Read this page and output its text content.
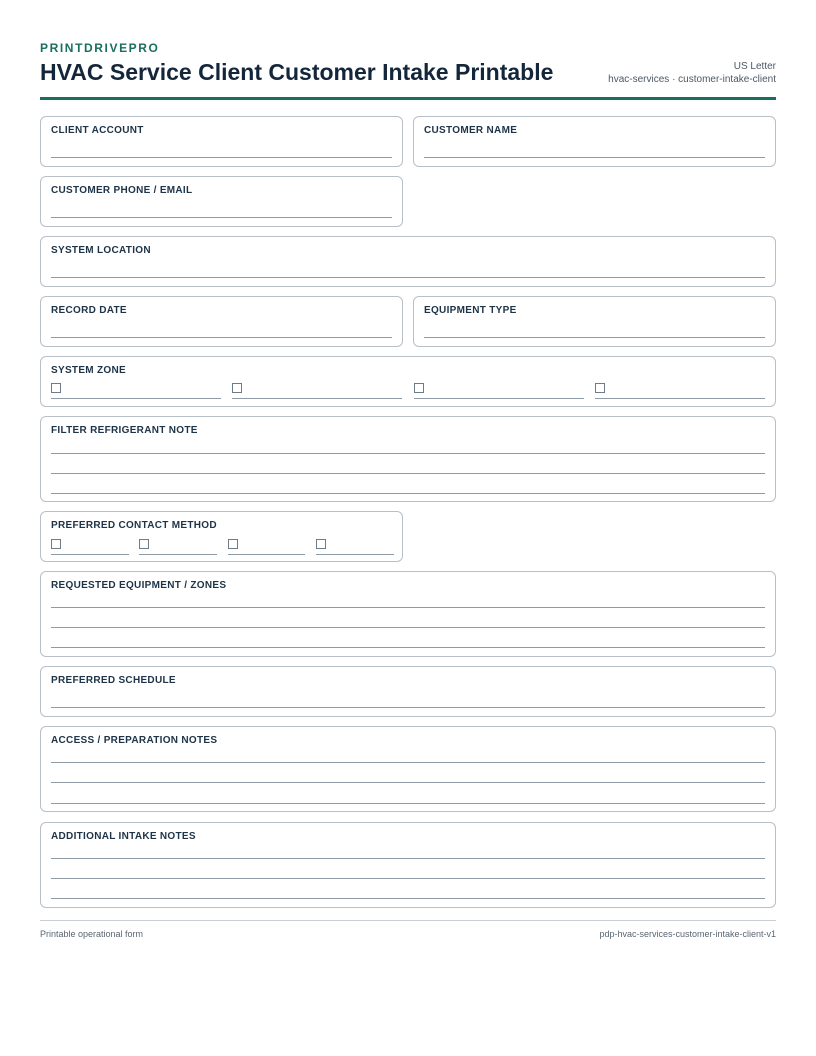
PRINTDRIVEPRO
HVAC Service Client Customer Intake Printable	US Letter
hvac-services · customer-intake-client
CLIENT ACCOUNT	CUSTOMER NAME
CUSTOMER PHONE / EMAIL
SYSTEM LOCATION
RECORD DATE	EQUIPMENT TYPE
SYSTEM ZONE
FILTER REFRIGERANT NOTE
PREFERRED CONTACT METHOD
REQUESTED EQUIPMENT / ZONES
PREFERRED SCHEDULE
ACCESS / PREPARATION NOTES
ADDITIONAL INTAKE NOTES
Printable operational form	pdp-hvac-services-customer-intake-client-v1
